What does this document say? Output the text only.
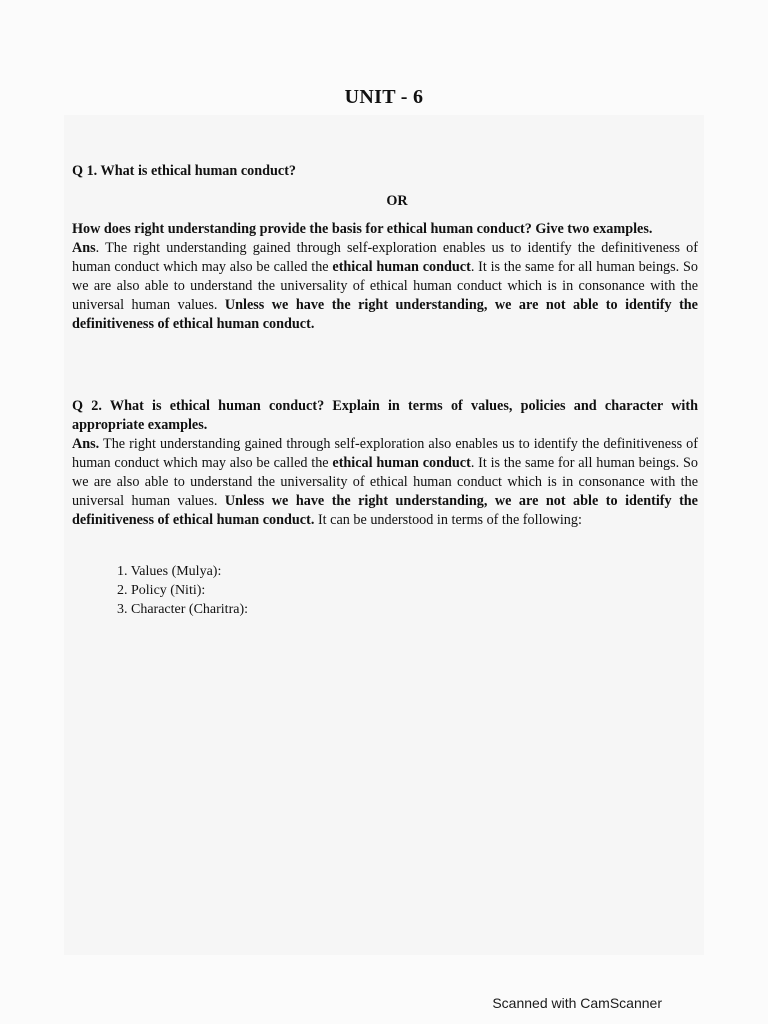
UNIT - 6

Q 1. What is ethical human conduct?

OR

How does right understanding provide the basis for ethical human conduct? Give two examples.

Ans. The right understanding gained through self-exploration enables us to identify the definitiveness of human conduct which may also be called the ethical human conduct. It is the same for all human beings. So we are also able to understand the universality of ethical human conduct which is in consonance with the universal human values. Unless we have the right understanding, we are not able to identify the definitiveness of ethical human conduct.

Q 2. What is ethical human conduct? Explain in terms of values, policies and character with appropriate examples.

Ans. The right understanding gained through self-exploration also enables us to identify the definitiveness of human conduct which may also be called the ethical human conduct. It is the same for all human beings. So we are also able to understand the universality of ethical human conduct which is in consonance with the universal human values. Unless we have the right understanding, we are not able to identify the definitiveness of ethical human conduct. It can be understood in terms of the following:

1. Values (Mulya):
2. Policy (Niti):
3. Character (Charitra):
Scanned with CamScanner
